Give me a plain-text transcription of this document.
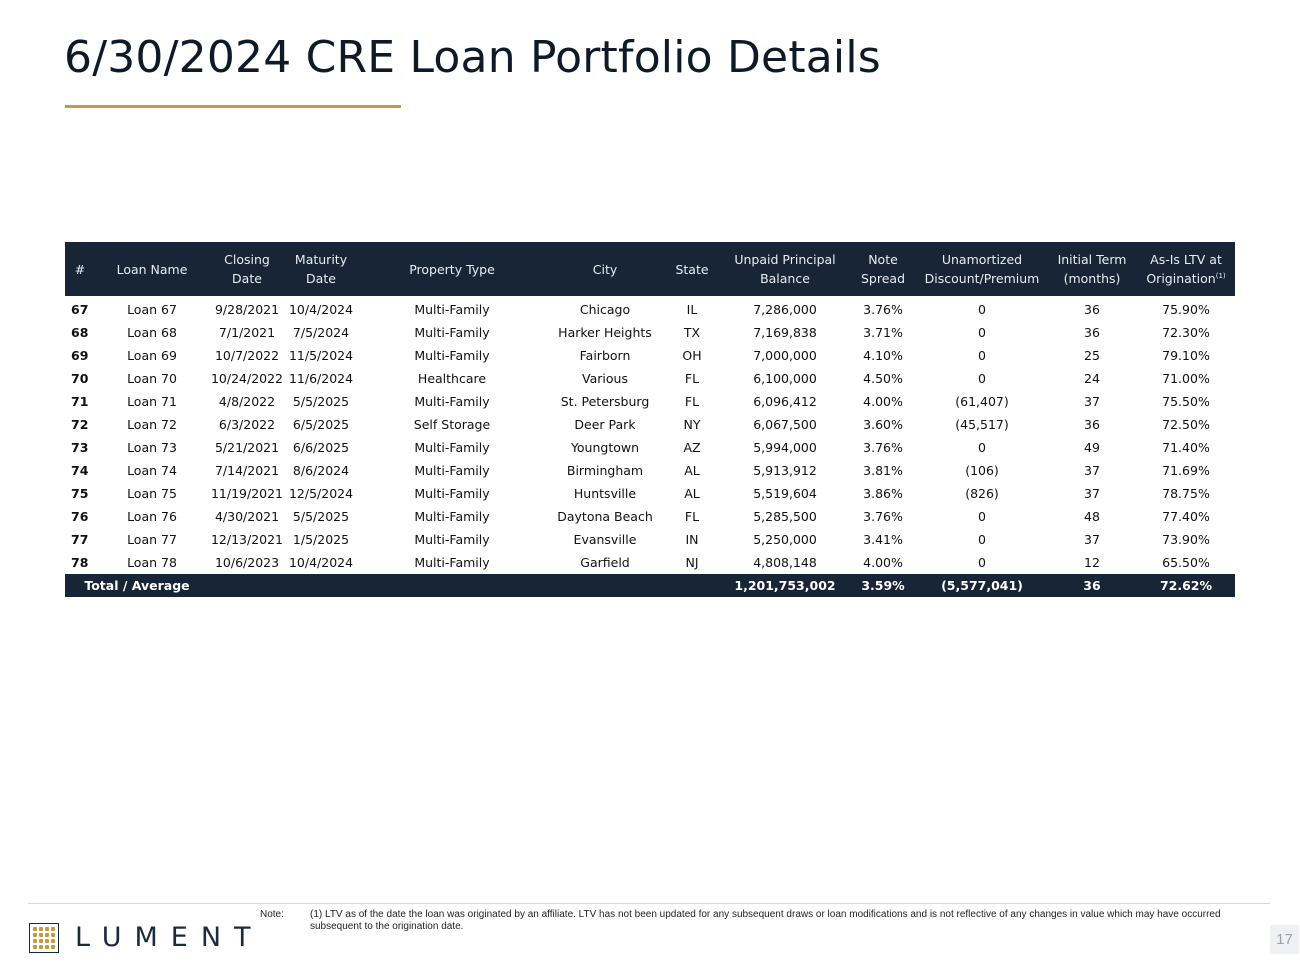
6/30/2024 CRE Loan Portfolio Details
#	Loan Name	Closing Date	Maturity Date	Property Type	City	State	Unpaid Principal Balance	Note Spread	Unamortized Discount/Premium	Initial Term (months)	As-Is LTV at Origination$^{(1)}$
67	Loan 67	9/28/2021	10/4/2024	Multi-Family	Chicago	IL	7,286,000	3.76%	0	36	75.90%
68	Loan 68	7/1/2021	7/5/2024	Multi-Family	Harker Heights	TX	7,169,838	3.71%	0	36	72.30%
69	Loan 69	10/7/2022	11/5/2024	Multi-Family	Fairborn	OH	7,000,000	4.10%	0	25	79.10%
70	Loan 70	10/24/2022	11/6/2024	Healthcare	Various	FL	6,100,000	4.50%	0	24	71.00%
71	Loan 71	4/8/2022	5/5/2025	Multi-Family	St. Petersburg	FL	6,096,412	4.00%	(61,407)	37	75.50%
72	Loan 72	6/3/2022	6/5/2025	Self Storage	Deer Park	NY	6,067,500	3.60%	(45,517)	36	72.50%
73	Loan 73	5/21/2021	6/6/2025	Multi-Family	Youngtown	AZ	5,994,000	3.76%	0	49	71.40%
74	Loan 74	7/14/2021	8/6/2024	Multi-Family	Birmingham	AL	5,913,912	3.81%	(106)	37	71.69%
75	Loan 75	11/19/2021	12/5/2024	Multi-Family	Huntsville	AL	5,519,604	3.86%	(826)	37	78.75%
76	Loan 76	4/30/2021	5/5/2025	Multi-Family	Daytona Beach	FL	5,285,500	3.76%	0	48	77.40%
77	Loan 77	12/13/2021	1/5/2025	Multi-Family	Evansville	IN	5,250,000	3.41%	0	37	73.90%
78	Loan 78	10/6/2023	10/4/2024	Multi-Family	Garfield	NJ	4,808,148	4.00%	0	12	65.50%
Total / Average							1,201,753,002	3.59%	(5,577,041)	36	72.62%
LUMENT
Note:	(1) LTV as of the date the loan was originated by an affiliate. LTV has not been updated for any subsequent draws or loan modifications and is not reflective of any changes in value which may have occurred subsequent to the origination date.
17
